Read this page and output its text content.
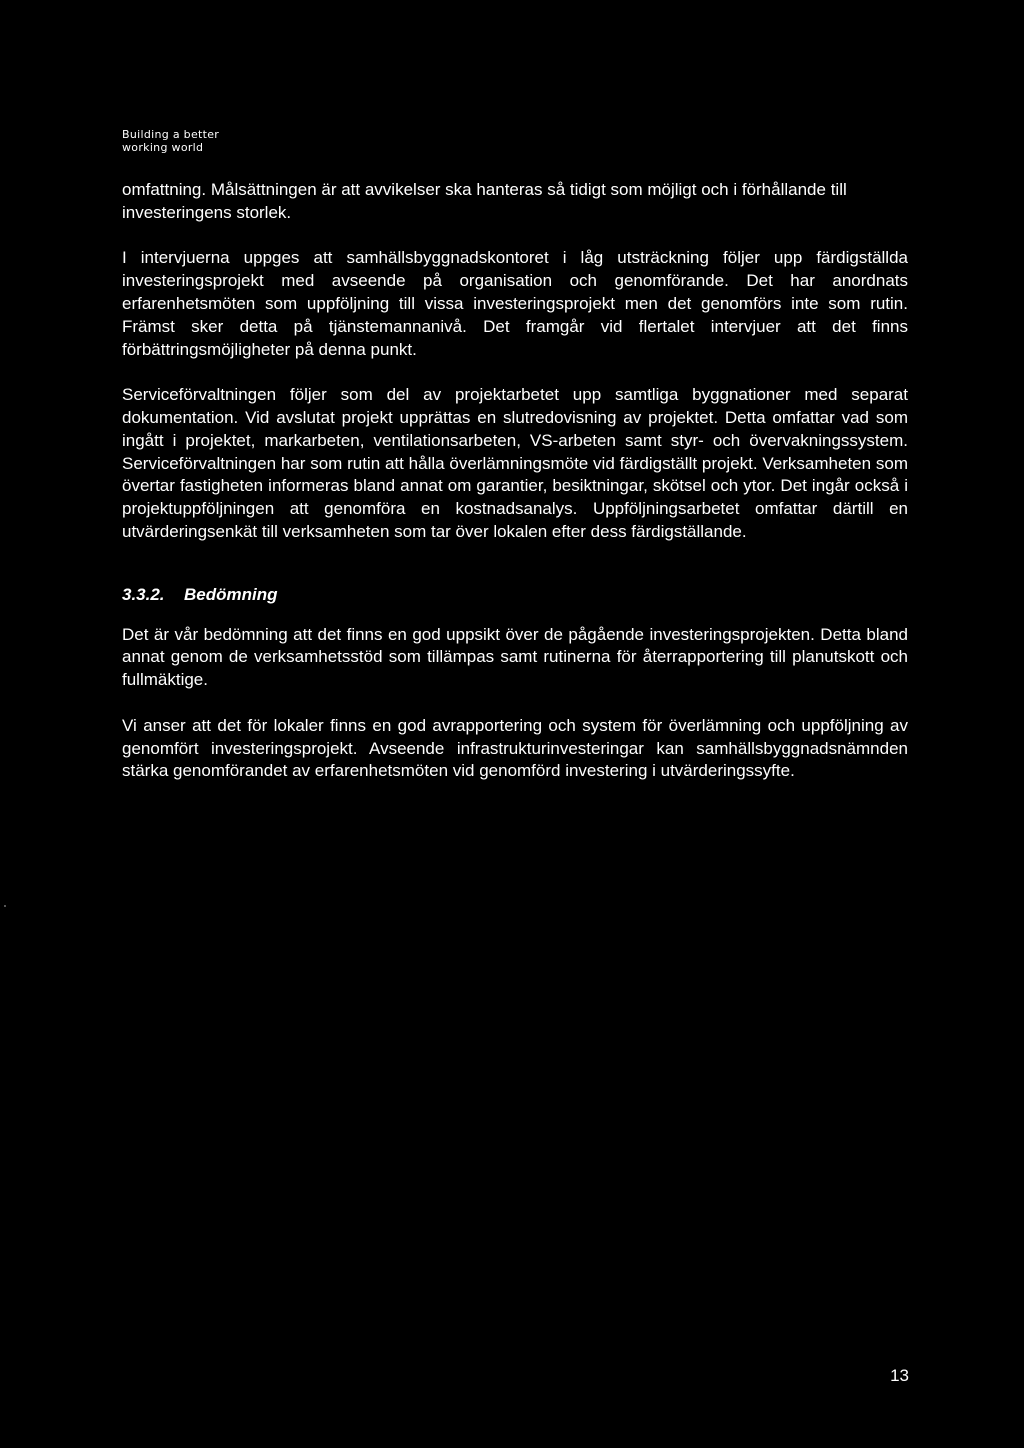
Building a better
working world

omfattning. Målsättningen är att avvikelser ska hanteras så tidigt som möjligt och i förhållande till investeringens storlek.

I intervjuerna uppges att samhällsbyggnadskontoret i låg utsträckning följer upp färdigställda investeringsprojekt med avseende på organisation och genomförande. Det har anordnats erfarenhetsmöten som uppföljning till vissa investeringsprojekt men det genomförs inte som rutin. Främst sker detta på tjänstemannanivå. Det framgår vid flertalet intervjuer att det finns förbättringsmöjligheter på denna punkt.

Serviceförvaltningen följer som del av projektarbetet upp samtliga byggnationer med separat dokumentation. Vid avslutat projekt upprättas en slutredovisning av projektet. Detta omfattar vad som ingått i projektet, markarbeten, ventilationsarbeten, VS-arbeten samt styr- och övervakningssystem. Serviceförvaltningen har som rutin att hålla överlämningsmöte vid färdigställt projekt. Verksamheten som övertar fastigheten informeras bland annat om garantier, besiktningar, skötsel och ytor. Det ingår också i projektuppföljningen att genomföra en kostnadsanalys. Uppföljningsarbetet omfattar därtill en utvärderingsenkät till verksamheten som tar över lokalen efter dess färdigställande.

3.3.2. Bedömning

Det är vår bedömning att det finns en god uppsikt över de pågående investeringsprojekten. Detta bland annat genom de verksamhetsstöd som tillämpas samt rutinerna för återrapportering till planutskott och fullmäktige.

Vi anser att det för lokaler finns en god avrapportering och system för överlämning och uppföljning av genomfört investeringsprojekt. Avseende infrastrukturinvesteringar kan samhällsbyggnadsnämnden stärka genomförandet av erfarenhetsmöten vid genomförd investering i utvärderingssyfte.

13
